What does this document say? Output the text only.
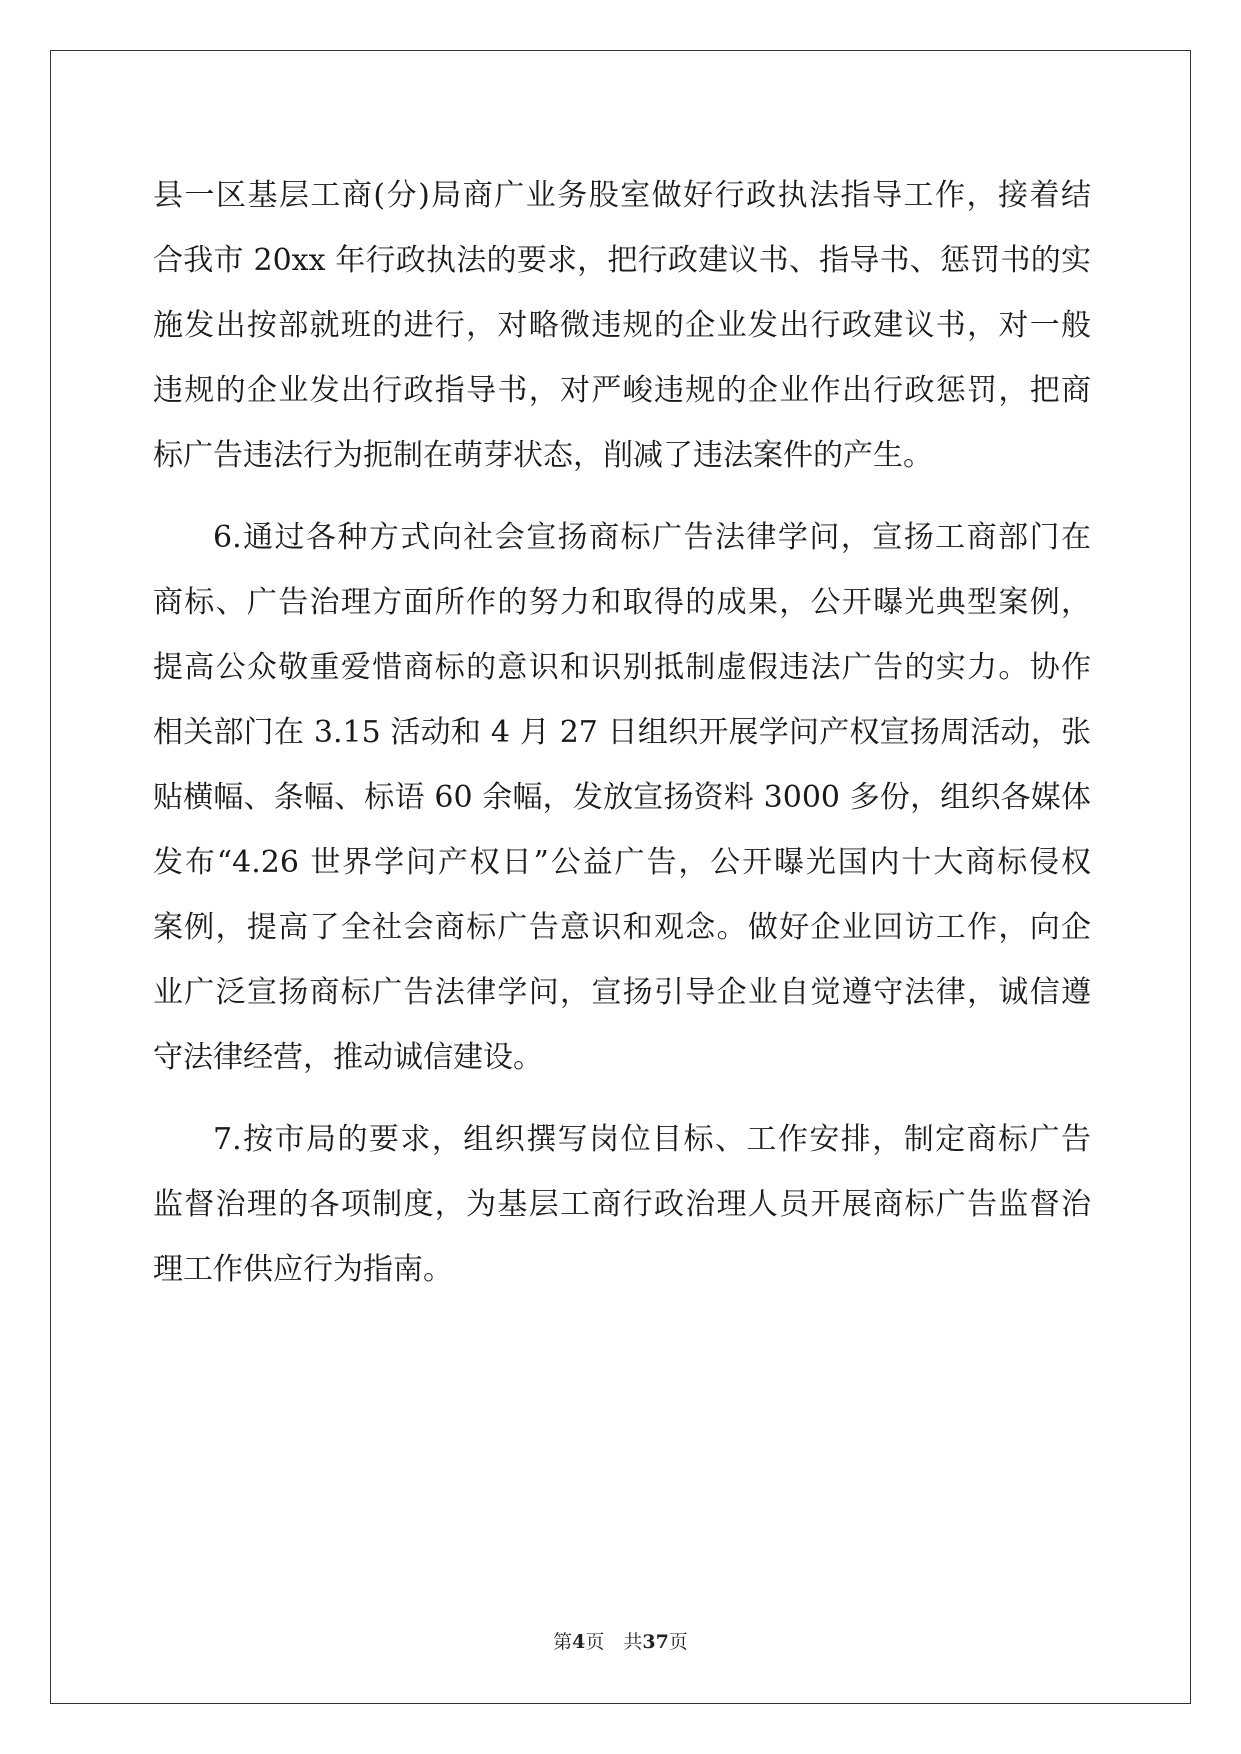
县一区基层工商(分)局商广业务股室做好行政执法指导工作，接着结
合我市 20xx 年行政执法的要求，把行政建议书、指导书、惩罚书的实
施发出按部就班的进行，对略微违规的企业发出行政建议书，对一般
违规的企业发出行政指导书，对严峻违规的企业作出行政惩罚，把商
标广告违法行为扼制在萌芽状态，削减了违法案件的产生。
6.通过各种方式向社会宣扬商标广告法律学问，宣扬工商部门在
商标、广告治理方面所作的努力和取得的成果，公开曝光典型案例，
提高公众敬重爱惜商标的意识和识别抵制虚假违法广告的实力。协作
相关部门在 3.15 活动和 4 月 27 日组织开展学问产权宣扬周活动，张
贴横幅、条幅、标语 60 余幅，发放宣扬资料 3000 多份，组织各媒体
发布“4.26 世界学问产权日”公益广告，公开曝光国内十大商标侵权
案例，提高了全社会商标广告意识和观念。做好企业回访工作，向企
业广泛宣扬商标广告法律学问，宣扬引导企业自觉遵守法律，诚信遵
守法律经营，推动诚信建设。
7.按市局的要求，组织撰写岗位目标、工作安排，制定商标广告
监督治理的各项制度，为基层工商行政治理人员开展商标广告监督治
理工作供应行为指南。
第4页　共37页
